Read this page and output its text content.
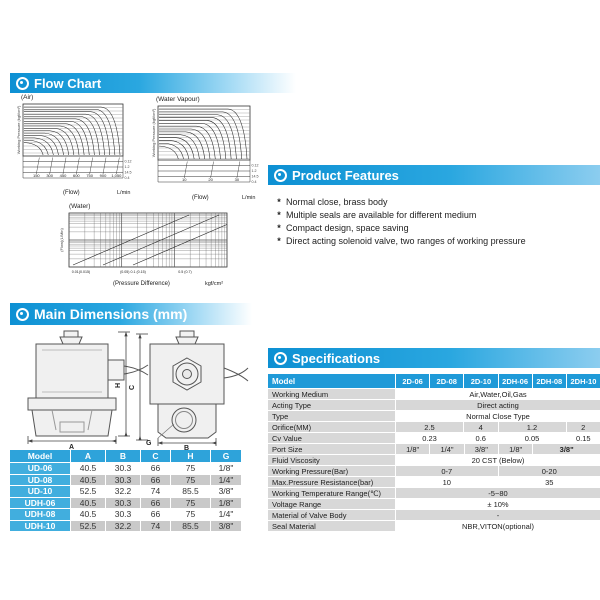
Flow Chart
Product Features
Main Dimensions (mm)
Specifications
(Air)
150 300 450 600 750 900 1,050
0.12
1.2
14.5
0.4
Working Pressure (kgf/cm²)
(Flow)	L/min
(Water Vapour)
10	20	30
0.12
1.2
14.5
0.4
Working Pressure (kgf/cm²)
(Flow)	L/min
(Water)
0.01(0.015)	(0.05) 0.1 (0.15)	0.5 (0.7)
(Flow)(L/Min)
(Pressure Difference)	kgf/cm²
* Normal close, brass body
* Multiple seals are available for different medium
* Compact design, space saving
* Direct acting solenoid valve, two ranges of working pressure
A
H C
B
G
Model	A	B	C	H	G
UD-06	40.5	30.3	66	75	1/8"
UD-08	40.5	30.3	66	75	1/4"
UD-10	52.5	32.2	74	85.5	3/8"
UDH-06	40.5	30.3	66	75	1/8"
UDH-08	40.5	30.3	66	75	1/4"
UDH-10	52.5	32.2	74	85.5	3/8"
Model	2D-06	2D-08	2D-10	2DH-06	2DH-08	2DH-10
Working Medium	Air,Water,Oil,Gas
Acting Type	Direct acting
Type	Normal Close Type
Orifice(MM)	2.5	4	1.2	2
Cv Value	0.23	0.6	0.05	0.15
Port Size	1/8"	1/4"	3/8"	1/8"	3/8"
Fluid Viscosity	20 CST (Below)
Working Pressure(Bar)	0-7	0-20
Max.Pressure Resistance(bar)	10	35
Working Temperature Range(℃)	-5~80
Voltage Range	± 10%
Material of Valve Body	-
Seal Material	NBR,VITON(optional)
